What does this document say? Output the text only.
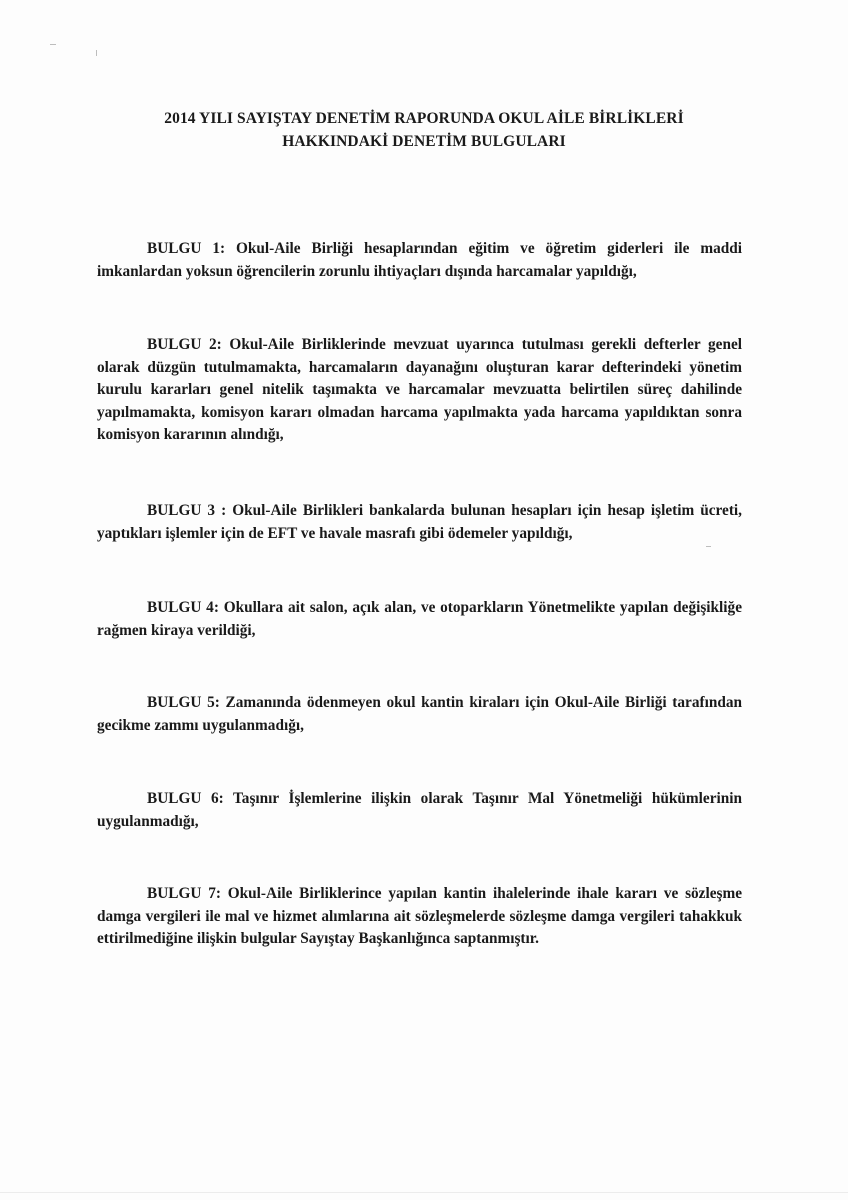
2014 YILI SAYIŞTAY DENETİM RAPORUNDA OKUL AİLE BİRLİKLERİ
HAKKINDAKİ DENETİM BULGULARI

BULGU 1: Okul-Aile Birliği hesaplarından eğitim ve öğretim giderleri ile maddi imkanlardan yoksun öğrencilerin zorunlu ihtiyaçları dışında harcamalar yapıldığı,

BULGU 2: Okul-Aile Birliklerinde mevzuat uyarınca tutulması gerekli defterler genel olarak düzgün tutulmamakta, harcamaların dayanağını oluşturan karar defterindeki yönetim kurulu kararları genel nitelik taşımakta ve harcamalar mevzuatta belirtilen süreç dahilinde yapılmamakta, komisyon kararı olmadan harcama yapılmakta yada harcama yapıldıktan sonra komisyon kararının alındığı,

BULGU 3 : Okul-Aile Birlikleri bankalarda bulunan hesapları için hesap işletim ücreti, yaptıkları işlemler için de EFT ve havale masrafı gibi ödemeler yapıldığı,

BULGU 4: Okullara ait salon, açık alan, ve otoparkların Yönetmelikte yapılan değişikliğe rağmen kiraya verildiği,

BULGU 5: Zamanında ödenmeyen okul kantin kiraları için Okul-Aile Birliği tarafından gecikme zammı uygulanmadığı,

BULGU 6: Taşınır İşlemlerine ilişkin olarak Taşınır Mal Yönetmeliği hükümlerinin uygulanmadığı,

BULGU 7: Okul-Aile Birliklerince yapılan kantin ihalelerinde ihale kararı ve sözleşme damga vergileri ile mal ve hizmet alımlarına ait sözleşmelerde sözleşme damga vergileri tahakkuk ettirilmediğine ilişkin bulgular Sayıştay Başkanlığınca saptanmıştır.
